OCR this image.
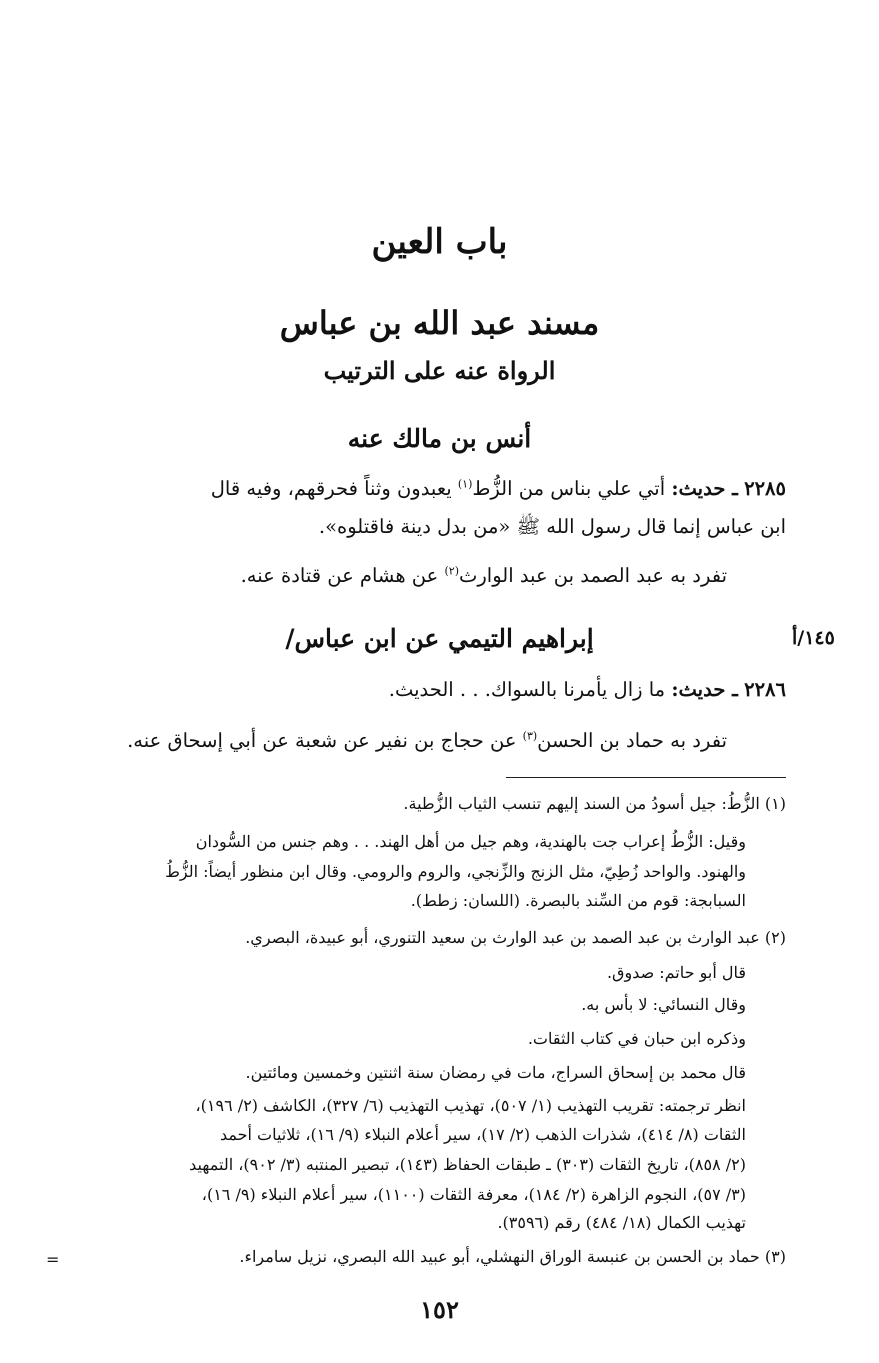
باب العين
مسند عبد الله بن عباس
الرواة عنه على الترتيب
أنس بن مالك عنه
٢٢٨٥ ـ حديث: أتي علي بناس من الزُّط$^{(١)}$ يعبدون وثناً فحرقهم، وفيه قال
ابن عباس إنما قال رسول الله ﷺ «من بدل دينة فاقتلوه».
تفرد به عبد الصمد بن عبد الوارث$^{(٢)}$ عن هشام عن قتادة عنه.
١٤٥/أ
إبراهيم التيمي عن ابن عباس/
٢٢٨٦ ـ حديث: ما زال يأمرنا بالسواك. . . الحديث.
تفرد به حماد بن الحسن$^{(٣)}$ عن حجاج بن نفير عن شعبة عن أبي إسحاق عنه.
(١) الزُّطُ: جيل أسودُ من السند إليهم تنسب الثياب الزُّطية.
وقيل: الزُّطُ إعراب جت بالهندية، وهم جيل من أهل الهند. . . وهم جنس من السُّودان
والهنود. والواحد زُطِيّ، مثل الزنج والزِّنجي، والروم والرومي. وقال ابن منظور أيضاً: الزُّطُ
السبابجة: قوم من السِّند بالبصرة. (اللسان: زطط).
(٢) عبد الوارث بن عبد الصمد بن عبد الوارث بن سعيد التنوري، أبو عبيدة، البصري.
قال أبو حاتم: صدوق.
وقال النسائي: لا بأس به.
وذكره ابن حبان في كتاب الثقات.
قال محمد بن إسحاق السراج، مات في رمضان سنة اثنتين وخمسين ومائتين.
انظر ترجمته: تقريب التهذيب (١/ ٥٠٧)، تهذيب التهذيب (٦/ ٣٢٧)، الكاشف (٢/ ١٩٦)،
الثقات (٨/ ٤١٤)، شذرات الذهب (٢/ ١٧)، سير أعلام النبلاء (٩/ ١٦)، ثلاثيات أحمد
(٢/ ٨٥٨)، تاريخ الثقات (٣٠٣) ـ طبقات الحفاظ (١٤٣)، تبصير المنتبه (٣/ ٩٠٢)، التمهيد
(٣/ ٥٧)، النجوم الزاهرة (٢/ ١٨٤)، معرفة الثقات (١١٠٠)، سير أعلام النبلاء (٩/ ١٦)،
تهذيب الكمال (١٨/ ٤٨٤) رقم (٣٥٩٦).
(٣) حماد بن الحسن بن عنبسة الوراق النهشلي، أبو عبيد الله البصري، نزيل سامراء.
=
١٥٢
